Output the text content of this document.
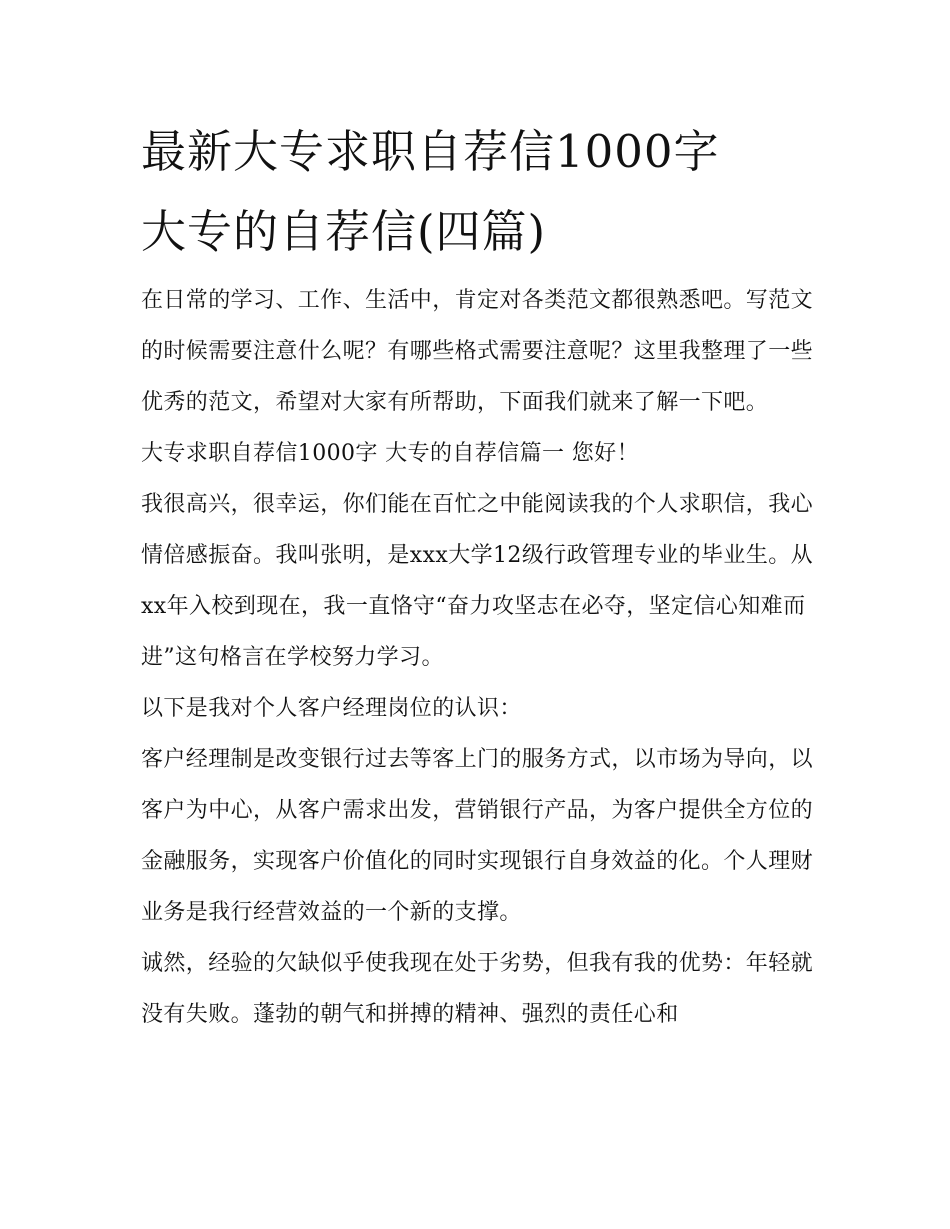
最新大专求职自荐信1000字
大专的自荐信(四篇)

在日常的学习、工作、生活中，肯定对各类范文都很熟悉吧。写范文的时候需要注意什么呢？有哪些格式需要注意呢？这里我整理了一些优秀的范文，希望对大家有所帮助，下面我们就来了解一下吧。

大专求职自荐信1000字 大专的自荐信篇一 您好！

我很高兴，很幸运，你们能在百忙之中能阅读我的个人求职信，我心情倍感振奋。我叫张明，是xxx大学12级行政管理专业的毕业生。从xx年入校到现在，我一直恪守“奋力攻坚志在必夺，坚定信心知难而进”这句格言在学校努力学习。

以下是我对个人客户经理岗位的认识：

客户经理制是改变银行过去等客上门的服务方式，以市场为导向，以客户为中心，从客户需求出发，营销银行产品，为客户提供全方位的金融服务，实现客户价值化的同时实现银行自身效益的化。个人理财业务是我行经营效益的一个新的支撑。

诚然，经验的欠缺似乎使我现在处于劣势，但我有我的优势：年轻就没有失败。蓬勃的朝气和拼搏的精神、强烈的责任心和
